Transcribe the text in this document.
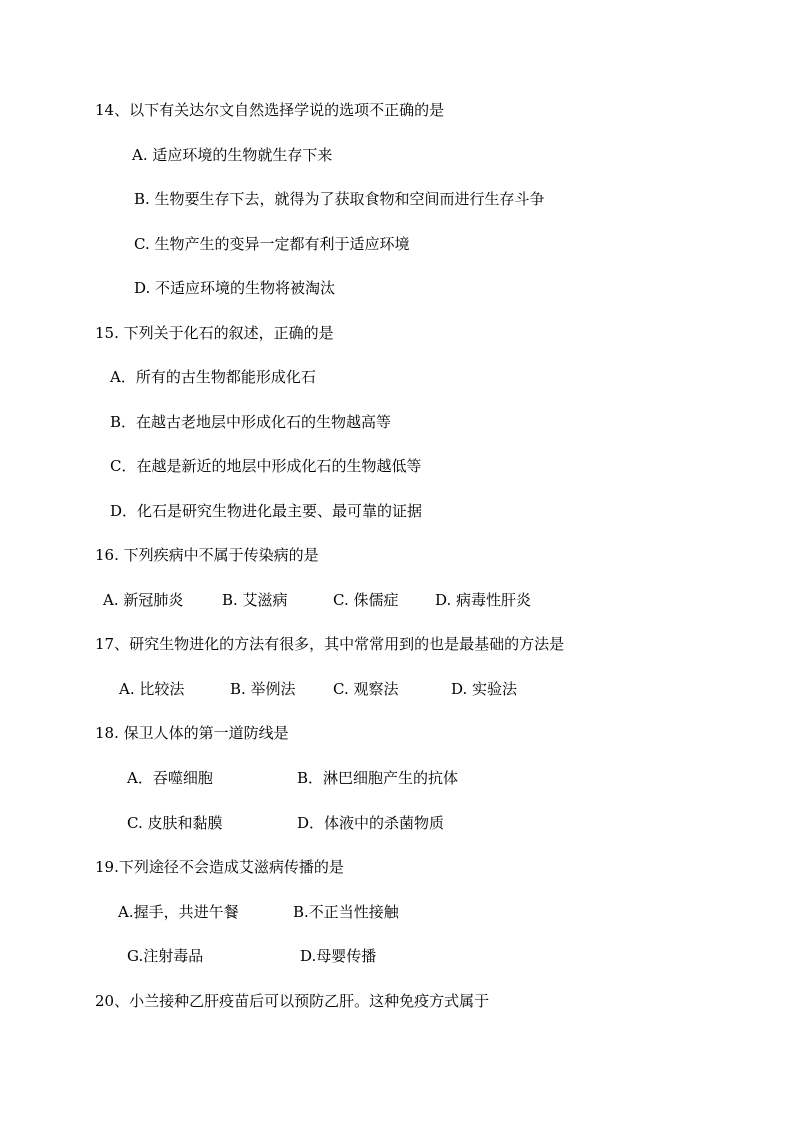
14、以下有关达尔文自然选择学说的选项不正确的是
A. 适应环境的生物就生存下来
B. 生物要生存下去，就得为了获取食物和空间而进行生存斗争
C. 生物产生的变异一定都有利于适应环境
D. 不适应环境的生物将被淘汰
15. 下列关于化石的叙述，正确的是
A．所有的古生物都能形成化石
B．在越古老地层中形成化石的生物越高等
C．在越是新近的地层中形成化石的生物越低等
D．化石是研究生物进化最主要、最可靠的证据
16. 下列疾病中不属于传染病的是
A. 新冠肺炎	B. 艾滋病	C. 侏儒症 D. 病毒性肝炎
17、研究生物进化的方法有很多，其中常常用到的也是最基础的方法是
A. 比较法	B. 举例法 C. 观察法	D. 实验法
18. 保卫人体的第一道防线是
A．吞噬细胞	B．淋巴细胞产生的抗体
C. 皮肤和黏膜	D．体液中的杀菌物质
19.下列途径不会造成艾滋病传播的是
A.握手，共进午餐	B.不正当性接触
G.注射毒品	D.母婴传播
20、小兰接种乙肝疫苗后可以预防乙肝。这种免疫方式属于
